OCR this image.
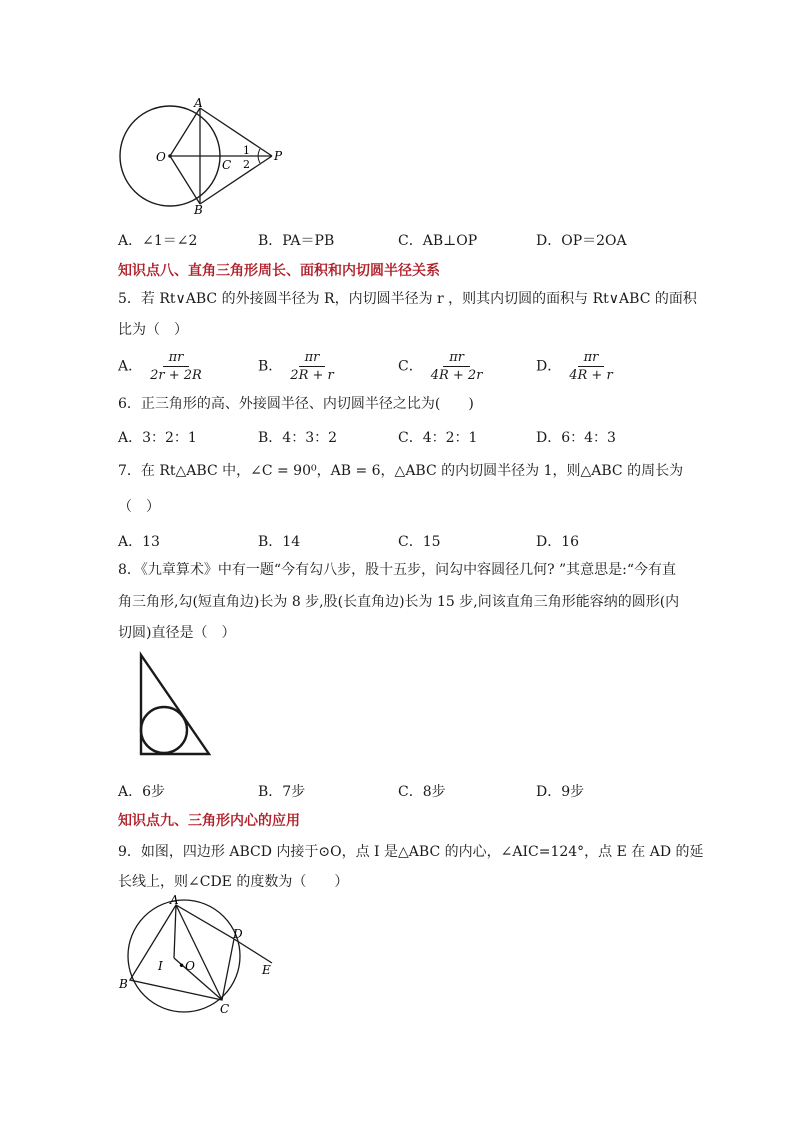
A
B
O
C
P
1
2
A．∠1＝∠2	B．PA＝PB	C．AB⊥OP	D．OP＝2OA
知识点八、直角三角形周长、面积和内切圆半径关系
5．若 Rt∨ABC 的外接圆半径为 R，内切圆半径为 r ，则其内切圆的面积与 Rt∨ABC 的面积
比为（　）
A． $\frac{\pi r}{2r + 2R}$	B． $\frac{\pi r}{2R + r}$	C． $\frac{\pi r}{4R + 2r}$	D． $\frac{\pi r}{4R + r}$
6．正三角形的高、外接圆半径、内切圆半径之比为(　　)
A．3：2：1	B．4：3：2	C．4：2：1	D．6：4：3
7．在 Rt△ABC 中，∠C = 90⁰，AB = 6，△ABC 的内切圆半径为 1，则△ABC 的周长为
（　）
A．13	B．14	C．15	D．16
8．《九章算术》中有一题“今有勾八步，股十五步，问勾中容圆径几何? ”其意思是:“今有直
角三角形,勾(短直角边)长为 8 步,股(长直角边)长为 15 步,问该直角三角形能容纳的圆形(内
切圆)直径是（　）
A．6步	B．7步	C．8步	D．9步
知识点九、三角形内心的应用
9．如图，四边形 ABCD 内接于⊙O，点 I 是△ABC 的内心，∠AIC=124°，点 E 在 AD 的延
长线上，则∠CDE 的度数为（　　）
A
B
C
D
E
I •O
